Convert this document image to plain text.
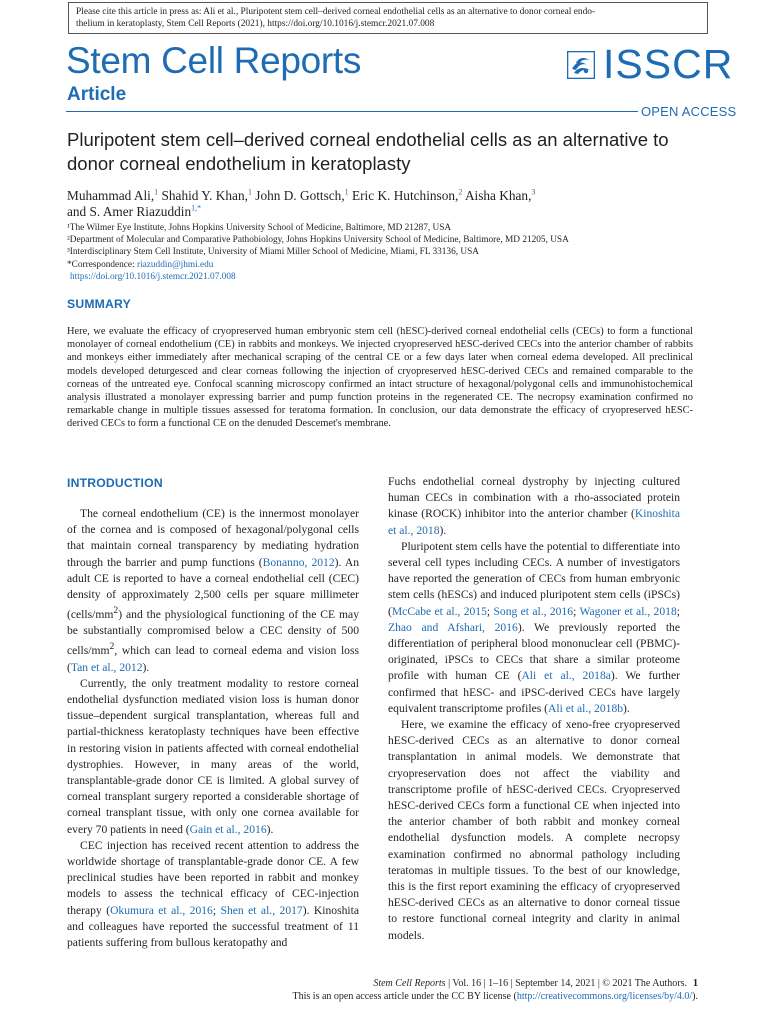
Please cite this article in press as: Ali et al., Pluripotent stem cell–derived corneal endothelial cells as an alternative to donor corneal endo-
thelium in keratoplasty, Stem Cell Reports (2021), https://doi.org/10.1016/j.stemcr.2021.07.008
Stem Cell Reports
Article
ISSCR
OPEN ACCESS
Pluripotent stem cell–derived corneal endothelial cells as an alternative to donor corneal endothelium in keratoplasty
Muhammad Ali,$^1$ Shahid Y. Khan,$^1$ John D. Gottsch,$^1$ Eric K. Hutchinson,$^2$ Aisha Khan,$^3$
and S. Amer Riazuddin$^{1,*}$
¹The Wilmer Eye Institute, Johns Hopkins University School of Medicine, Baltimore, MD 21287, USA
²Department of Molecular and Comparative Pathobiology, Johns Hopkins University School of Medicine, Baltimore, MD 21205, USA
³Interdisciplinary Stem Cell Institute, University of Miami Miller School of Medicine, Miami, FL 33136, USA
*Correspondence: riazuddin@jhmi.edu
https://doi.org/10.1016/j.stemcr.2021.07.008
SUMMARY

Here, we evaluate the efficacy of cryopreserved human embryonic stem cell (hESC)-derived corneal endothelial cells (CECs) to form a functional monolayer of corneal endothelium (CE) in rabbits and monkeys. We injected cryopreserved hESC-derived CECs into the anterior chamber of rabbits and monkeys either immediately after mechanical scraping of the central CE or a few days later when corneal edema developed. All preclinical models developed deturgesced and clear corneas following the injection of cryopreserved hESC-derived CECs and remained comparable to the corneas of the untreated eye. Confocal scanning microscopy confirmed an intact structure of hexagonal/polygonal cells and immunohistochemical analysis illustrated a monolayer expressing barrier and pump function proteins in the regenerated CE. The necropsy examination confirmed no remarkable change in multiple tissues assessed for teratoma formation. In conclusion, our data demonstrate the efficacy of cryopreserved hESC-derived CECs to form a functional CE on the denuded Descemet's membrane.

INTRODUCTION

The corneal endothelium (CE) is the innermost monolayer of the cornea and is composed of hexagonal/polygonal cells that maintain corneal transparency by mediating hydration through the barrier and pump functions (Bonanno, 2012). An adult CE is reported to have a corneal endothelial cell (CEC) density of approximately 2,500 cells per square millimeter $(cells/mm^2)$ and the physiological functioning of the CE may be substantially compromised below a CEC density of 500 cells/$mm^2$, which can lead to corneal edema and vision loss (Tan et al., 2012).

Currently, the only treatment modality to restore corneal endothelial dysfunction mediated vision loss is human donor tissue–dependent surgical transplantation, whereas full and partial-thickness keratoplasty techniques have been effective in restoring vision in patients affected with corneal endothelial dystrophies. However, in many areas of the world, transplantable-grade donor CE is limited. A global survey of corneal transplant surgery reported a considerable shortage of corneal transplant tissue, with only one cornea available for every 70 patients in need (Gain et al., 2016).

CEC injection has received recent attention to address the worldwide shortage of transplantable-grade donor CE. A few preclinical studies have been reported in rabbit and monkey models to assess the technical efficacy of CEC-injection therapy (Okumura et al., 2016; Shen et al., 2017). Kinoshita and colleagues have reported the successful treatment of 11 patients suffering from bullous keratopathy and

Fuchs endothelial corneal dystrophy by injecting cultured human CECs in combination with a rho-associated protein kinase (ROCK) inhibitor into the anterior chamber (Kinoshita et al., 2018).

Pluripotent stem cells have the potential to differentiate into several cell types including CECs. A number of investigators have reported the generation of CECs from human embryonic stem cells (hESCs) and induced pluripotent stem cells (iPSCs) (McCabe et al., 2015; Song et al., 2016; Wagoner et al., 2018; Zhao and Afshari, 2016). We previously reported the differentiation of peripheral blood mononuclear cell (PBMC)-originated, iPSCs to CECs that share a similar proteome profile with human CE (Ali et al., 2018a). We further confirmed that hESC- and iPSC-derived CECs have largely equivalent transcriptome profiles (Ali et al., 2018b).

Here, we examine the efficacy of xeno-free cryopreserved hESC-derived CECs as an alternative to donor corneal transplantation in animal models. We demonstrate that cryopreservation does not affect the viability and transcriptome profile of hESC-derived CECs. Cryopreserved hESC-derived CECs form a functional CE when injected into the anterior chamber of both rabbit and monkey corneal endothelial dysfunction models. A complete necropsy examination confirmed no abnormal pathology including teratomas in multiple tissues. To the best of our knowledge, this is the first report examining the efficacy of cryopreserved hESC-derived CECs as an alternative to donor corneal tissue to restore functional corneal integrity and clarity in animal models.

Stem Cell Reports | Vol. 16 | 1–16 | September 14, 2021 | © 2021 The Authors. 1
This is an open access article under the CC BY license (http://creativecommons.org/licenses/by/4.0/).
